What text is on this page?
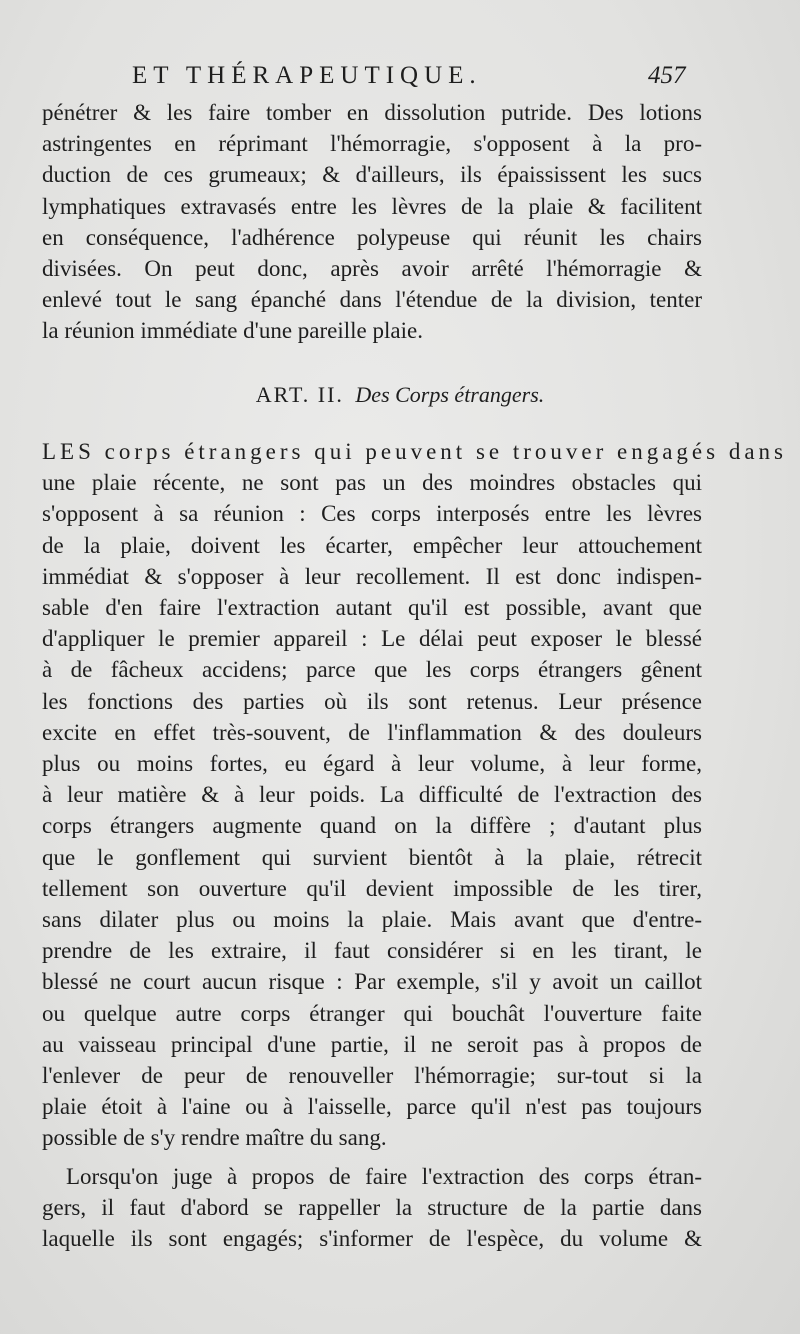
ET THÉRAPEUTIQUE.	457
pénétrer & les faire tomber en dissolution putride. Des lotions
astringentes en réprimant l'hémorragie, s'opposent à la pro-
duction de ces grumeaux; & d'ailleurs, ils épaississent les sucs
lymphatiques extravasés entre les lèvres de la plaie & facilitent
en conséquence, l'adhérence polypeuse qui réunit les chairs
divisées. On peut donc, après avoir arrêté l'hémorragie &
enlevé tout le sang épanché dans l'étendue de la division, tenter
la réunion immédiate d'une pareille plaie.
ART. II. Des Corps étrangers.
LES corps étrangers qui peuvent se trouver engagés dans
une plaie récente, ne sont pas un des moindres obstacles qui
s'opposent à sa réunion : Ces corps interposés entre les lèvres
de la plaie, doivent les écarter, empêcher leur attouchement
immédiat & s'opposer à leur recollement. Il est donc indispen-
sable d'en faire l'extraction autant qu'il est possible, avant que
d'appliquer le premier appareil : Le délai peut exposer le blessé
à de fâcheux accidens; parce que les corps étrangers gênent
les fonctions des parties où ils sont retenus. Leur présence
excite en effet très-souvent, de l'inflammation & des douleurs
plus ou moins fortes, eu égard à leur volume, à leur forme,
à leur matière & à leur poids. La difficulté de l'extraction des
corps étrangers augmente quand on la diffère ; d'autant plus
que le gonflement qui survient bientôt à la plaie, rétrecit
tellement son ouverture qu'il devient impossible de les tirer,
sans dilater plus ou moins la plaie. Mais avant que d'entre-
prendre de les extraire, il faut considérer si en les tirant, le
blessé ne court aucun risque : Par exemple, s'il y avoit un caillot
ou quelque autre corps étranger qui bouchât l'ouverture faite
au vaisseau principal d'une partie, il ne seroit pas à propos de
l'enlever de peur de renouveller l'hémorragie; sur-tout si la
plaie étoit à l'aine ou à l'aisselle, parce qu'il n'est pas toujours
possible de s'y rendre maître du sang.
Lorsqu'on juge à propos de faire l'extraction des corps étran-
gers, il faut d'abord se rappeller la structure de la partie dans
laquelle ils sont engagés; s'informer de l'espèce, du volume &
